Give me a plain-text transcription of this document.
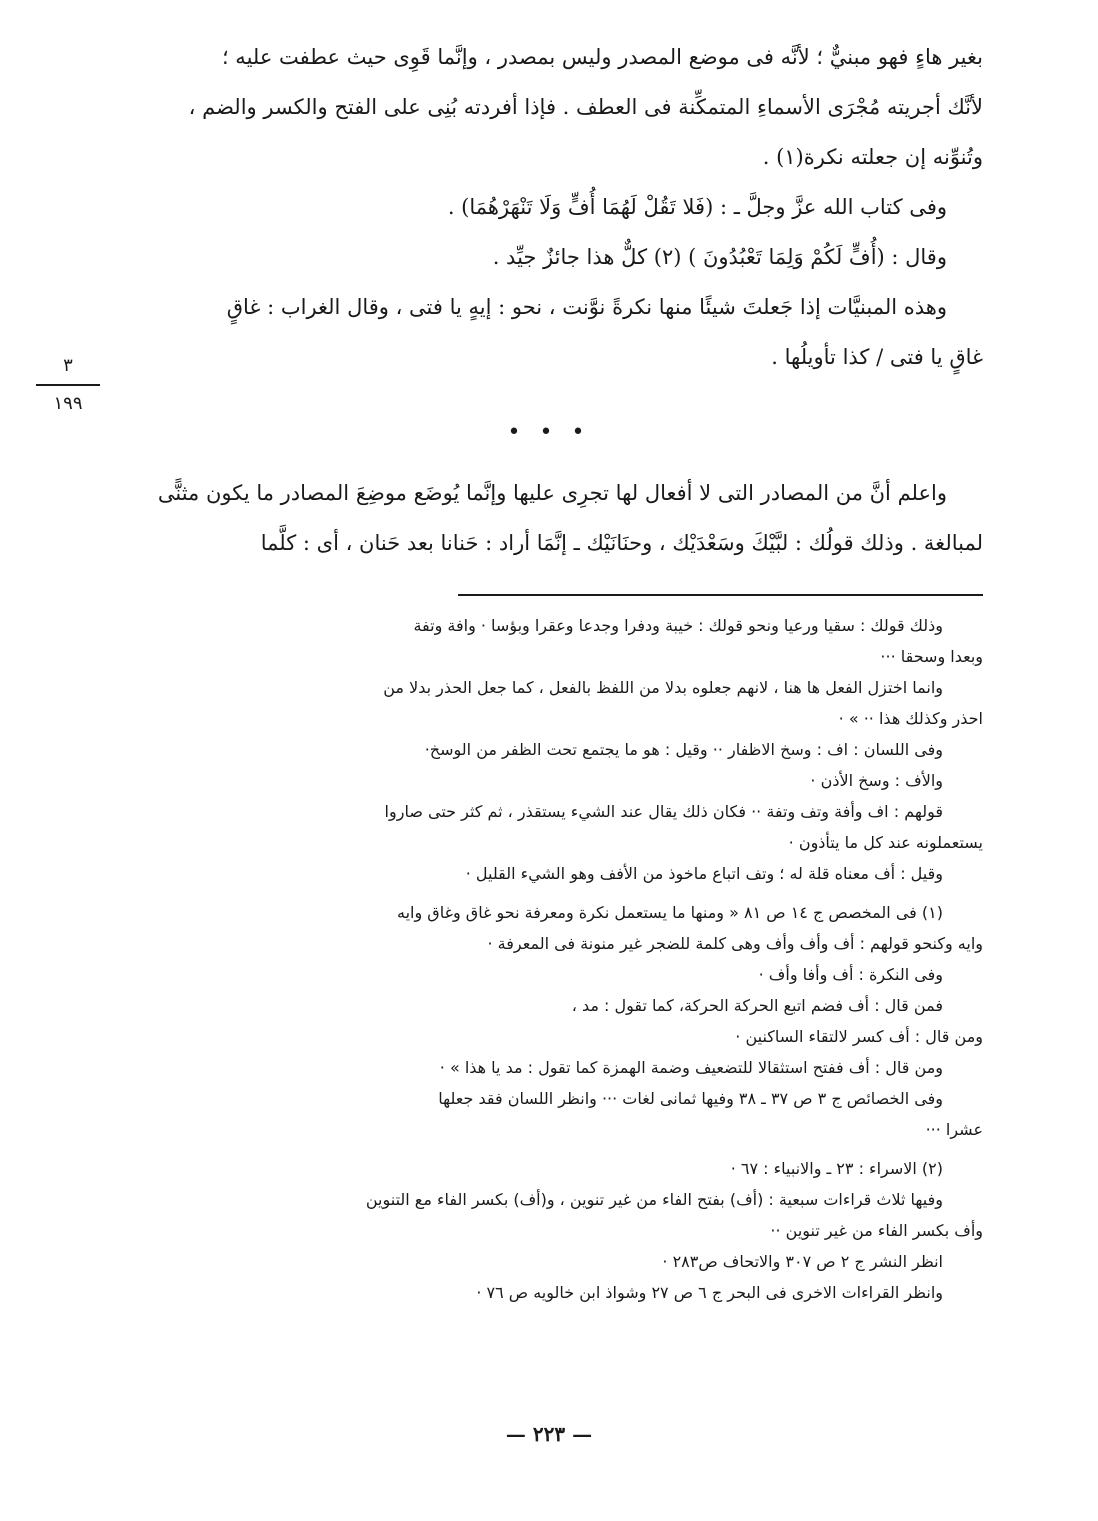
بغير هاءٍ فهو مبنيٌّ ؛ لأنَّه فى موضع المصدر وليس بمصدر ، وإنَّما قَوِى حيث عطفت عليه ؛
لأنَّك أجريته مُجْرَى الأسماءِ المتمكِّنة فى العطف . فإذا أفردته بُنِى على الفتح والكسر والضم ،
وتُنوِّنه إن جعلته نكرة(١) .
وفى كتاب الله عزَّ وجلَّ ـ : (فَلا تَقُلْ لَهُمَا أُفٍّ وَلَا تَنْهَرْهُمَا) .
وقال : (أُفٍّ لَكُمْ وَلِمَا تَعْبُدُونَ ) (٢) كلٌّ هذا جائزٌ جيِّد .
وهذه المبنيَّات إذا جَعلتَ شيئًا منها نكرةً نوَّنت ، نحو : إيهٍ يا فتى ، وقال الغراب : غاقٍ
غاقٍ يا فتى / كذا تأويلُها .
• • •
واعلم أنَّ من المصادر التى لا أفعال لها تجرِى عليها وإنَّما يُوضَع موضِعَ المصادر ما يكون مثنًّى
لمبالغة . وذلك قولُك : لبَّيْكَ وسَعْدَيْك ، وحنَانَيْك ـ إنَّمَا أراد : حَنانا بعد حَنان ، أى : كلَّما
٣
١٩٩
وذلك قولك : سقيا ورعيا ونحو قولك : خيبة ودفرا وجدعا وعقرا وبؤسا · وافة وتفة
وبعدا وسحقا ···
وانما اختزل الفعل ها هنا ، لانهم جعلوه بدلا من اللفظ بالفعل ، كما جعل الحذر بدلا من
احذر وكذلك هذا ·· » ·
وفى اللسان : اف : وسخ الاظفار ·· وقيل : هو ما يجتمع تحت الظفر من الوسخ·
والأف : وسخ الأذن ·
قولهم : اف وأفة وتف وتفة ·· فكان ذلك يقال عند الشيء يستقذر ، ثم كثر حتى صاروا
يستعملونه عند كل ما يتأذون ·
وقيل : أف معناه قلة له ؛ وتف اتباع ماخوذ من الأفف وهو الشيء القليل ·
(١) فى المخصص ج ١٤ ص ٨١ « ومنها ما يستعمل نكرة ومعرفة نحو غاق وغاق وايه
وايه وكنحو قولهم : أف وأف وأف وهى كلمة للضجر غير منونة فى المعرفة ·
وفى النكرة : أف وأفا وأف ·
فمن قال : أف فضم اتبع الحركة الحركة، كما تقول : مد ،
ومن قال : أف كسر لالتقاء الساكنين ·
ومن قال : أف ففتح استثقالا للتضعيف وضمة الهمزة كما تقول : مد يا هذا » ·
وفى الخصائص ج ٣ ص ٣٧ ـ ٣٨ وفيها ثمانى لغات ··· وانظر اللسان فقد جعلها
عشرا ···
(٢) الاسراء : ٢٣ ـ والانبياء : ٦٧ ·
وفيها ثلاث قراءات سبعية : (أف) بفتح الفاء من غير تنوين ، و(أف) بكسر الفاء مع التنوين
وأف بكسر الفاء من غير تنوين ··
انظر النشر ج ٢ ص ٣٠٧ والاتحاف ص٢٨٣ ·
وانظر القراءات الاخرى فى البحر ج ٦ ص ٢٧ وشواذ ابن خالويه ص ٧٦ ·
— ٢٢٣ —
